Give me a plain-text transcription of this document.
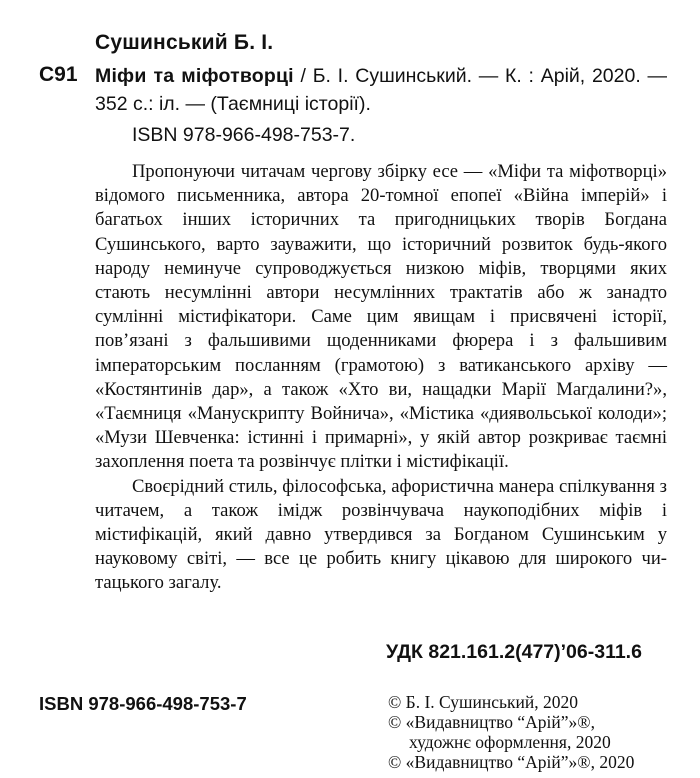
Сушинський Б. І.
С91 Міфи та міфотворці / Б. І. Сушинський. — К. : Арій, 2020. — 352 с.: іл. — (Таємниці історії).
ISBN 978-966-498-753-7.

Пропонуючи читачам чергову збірку есе — «Міфи та міфотворці» відомого письменника, автора 20-томної епопеї «Війна імперій» і багатьох інших історичних та пригодницьких творів Богдана Сушинського, варто зауважити, що історичний розвиток будь-якого народу неминуче супроводжується низкою міфів, творцями яких стають несумлінні автори несумлінних трактатів або ж занадто сумлінні містифікатори. Саме цим явищам і присвячені історії, пов’язані з фальшивими щоденниками фюрера і з фальшивим імператорським посланням (грамотою) з ватиканського архіву — «Костянтинів дар», а також «Хто ви, нащадки Марії Магдалини?», «Таємниця «Манускрипту Войнича», «Містика «диявольської колоди»; «Музи Шевченка: істинні і примарні», у якій автор розкриває таємні захоплення поета та розвінчує плітки і містифікації.

Своєрідний стиль, філософська, афористична манера спілкування з читачем, а також імідж розвінчувача наукоподібних міфів і містифікацій, який давно утвердився за Богданом Сушинським у науковому світі, — все це робить книгу цікавою для широкого читацького загалу.

УДК 821.161.2(477)’06-311.6
ISBN 978-966-498-753-7	© Б. І. Сушинський, 2020
© «Видавництво “Арій”»®,
художнє оформлення, 2020
© «Видавництво “Арій”»®, 2020
